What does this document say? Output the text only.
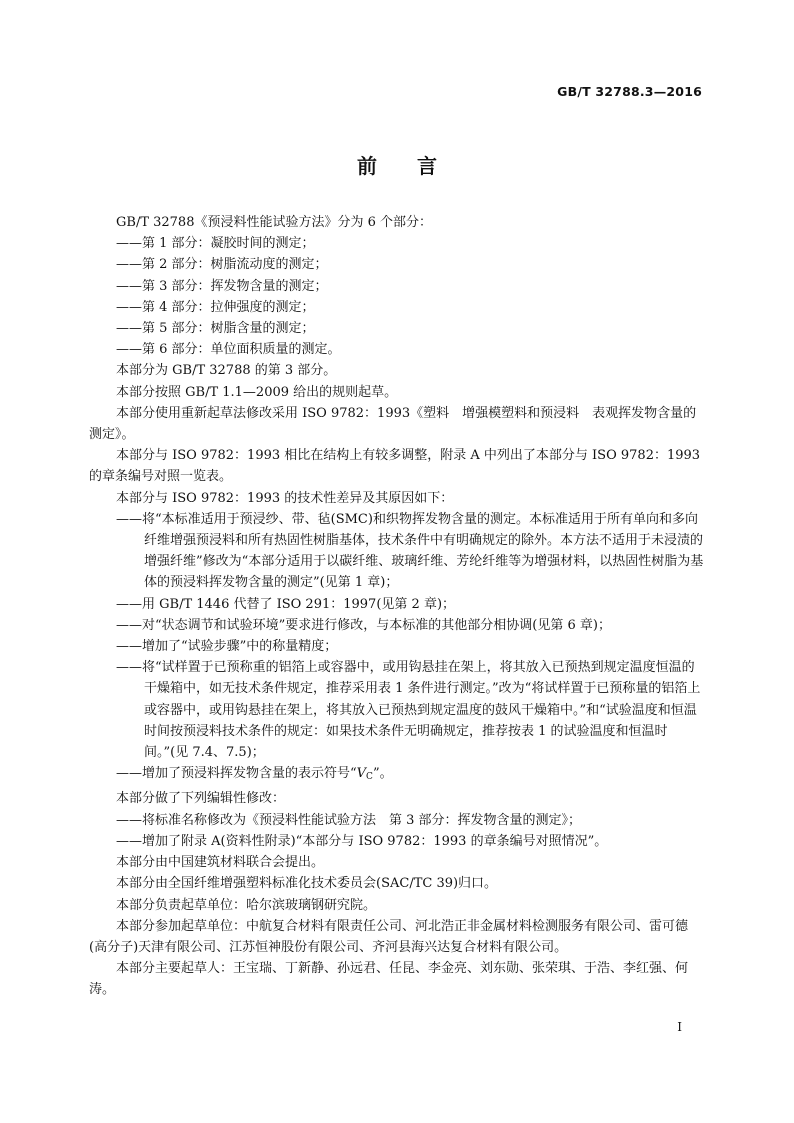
GB/T 32788.3—2016
前言

GB/T 32788《预浸料性能试验方法》分为 6 个部分：

——第 1 部分：凝胶时间的测定；

——第 2 部分：树脂流动度的测定；

——第 3 部分：挥发物含量的测定；

——第 4 部分：拉伸强度的测定；

——第 5 部分：树脂含量的测定；

——第 6 部分：单位面积质量的测定。

本部分为 GB/T 32788 的第 3 部分。

本部分按照 GB/T 1.1—2009 给出的规则起草。

本部分使用重新起草法修改采用 ISO 9782：1993《塑料　增强模塑料和预浸料　表观挥发物含量的测定》。

本部分与 ISO 9782：1993 相比在结构上有较多调整，附录 A 中列出了本部分与 ISO 9782：1993 的章条编号对照一览表。

本部分与 ISO 9782：1993 的技术性差异及其原因如下：

——将“本标准适用于预浸纱、带、毡(SMC)和织物挥发物含量的测定。本标准适用于所有单向和多向纤维增强预浸料和所有热固性树脂基体，技术条件中有明确规定的除外。本方法不适用于未浸渍的增强纤维”修改为“本部分适用于以碳纤维、玻璃纤维、芳纶纤维等为增强材料，以热固性树脂为基体的预浸料挥发物含量的测定”(见第 1 章)；

——用 GB/T 1446 代替了 ISO 291：1997(见第 2 章)；

——对“状态调节和试验环境”要求进行修改，与本标准的其他部分相协调(见第 6 章)；

——增加了“试验步骤”中的称量精度；

——将“试样置于已预称重的铝箔上或容器中，或用钩悬挂在架上，将其放入已预热到规定温度恒温的干燥箱中，如无技术条件规定，推荐采用表 1 条件进行测定。”改为“将试样置于已预称量的铝箔上或容器中，或用钩悬挂在架上，将其放入已预热到规定温度的鼓风干燥箱中。”和“试验温度和恒温时间按预浸料技术条件的规定：如果技术条件无明确规定，推荐按表 1 的试验温度和恒温时间。”(见 7.4、7.5)；

——增加了预浸料挥发物含量的表示符号“$V_C$”。

本部分做了下列编辑性修改：

——将标准名称修改为《预浸料性能试验方法　第 3 部分：挥发物含量的测定》；

——增加了附录 A(资料性附录)“本部分与 ISO 9782：1993 的章条编号对照情况”。

本部分由中国建筑材料联合会提出。

本部分由全国纤维增强塑料标准化技术委员会(SAC/TC 39)归口。

本部分负责起草单位：哈尔滨玻璃钢研究院。

本部分参加起草单位：中航复合材料有限责任公司、河北浩正非金属材料检测服务有限公司、雷可德(高分子)天津有限公司、江苏恒神股份有限公司、齐河县海兴达复合材料有限公司。

本部分主要起草人：王宝瑞、丁新静、孙远君、任昆、李金亮、刘东勋、张荣琪、于浩、李红强、何涛。

I
